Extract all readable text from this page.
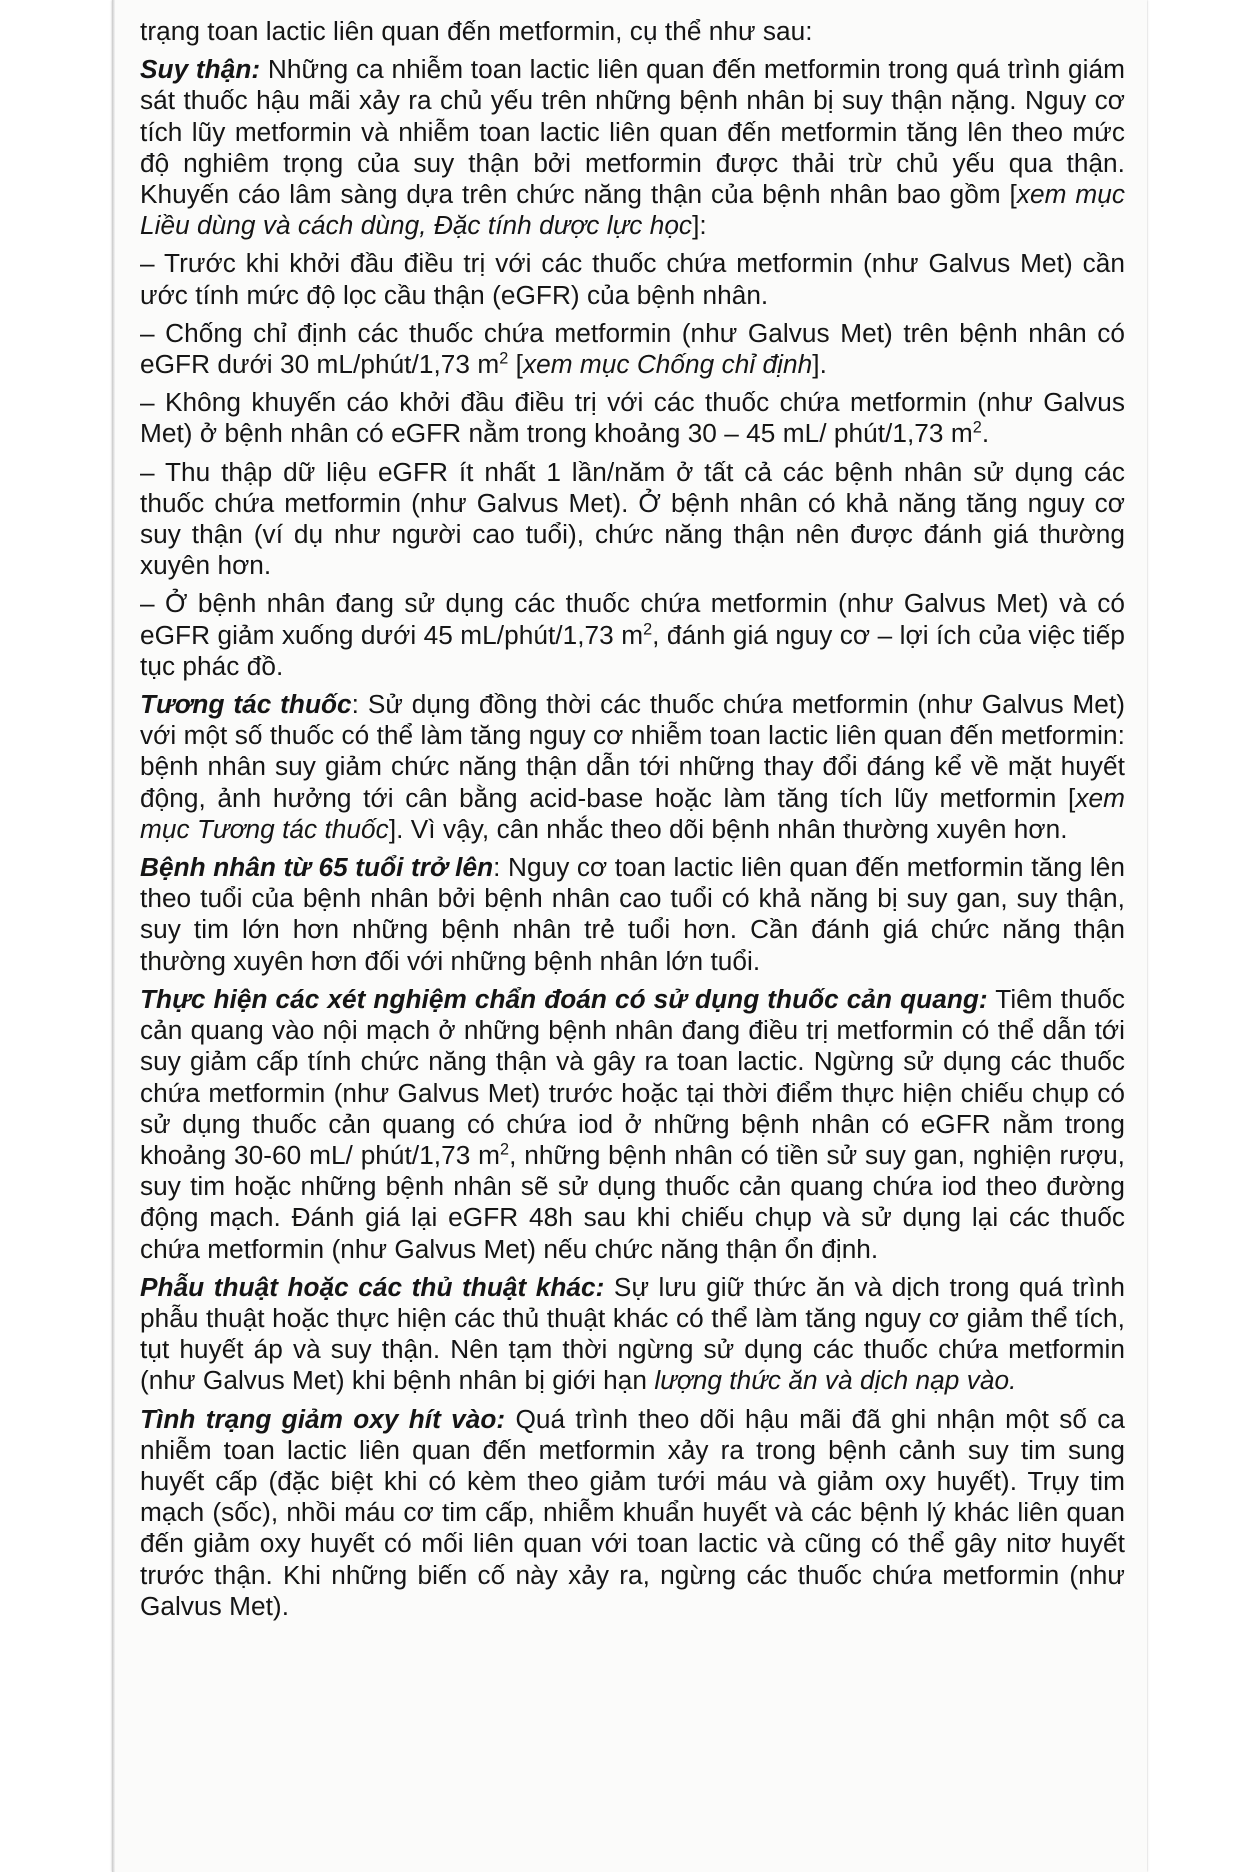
trạng toan lactic liên quan đến metformin, cụ thể như sau:

Suy thận: Những ca nhiễm toan lactic liên quan đến metformin trong quá trình giám sát thuốc hậu mãi xảy ra chủ yếu trên những bệnh nhân bị suy thận nặng. Nguy cơ tích lũy metformin và nhiễm toan lactic liên quan đến metformin tăng lên theo mức độ nghiêm trọng của suy thận bởi metformin được thải trừ chủ yếu qua thận. Khuyến cáo lâm sàng dựa trên chức năng thận của bệnh nhân bao gồm [xem mục Liều dùng và cách dùng, Đặc tính dược lực học]:

– Trước khi khởi đầu điều trị với các thuốc chứa metformin (như Galvus Met) cần ước tính mức độ lọc cầu thận (eGFR) của bệnh nhân.

– Chống chỉ định các thuốc chứa metformin (như Galvus Met) trên bệnh nhân có eGFR dưới 30 mL/phút/1,73 $m^2$ [xem mục Chống chỉ định].

– Không khuyến cáo khởi đầu điều trị với các thuốc chứa metformin (như Galvus Met) ở bệnh nhân có eGFR nằm trong khoảng 30 – 45 mL/ phút/1,73 $m^2$.

– Thu thập dữ liệu eGFR ít nhất 1 lần/năm ở tất cả các bệnh nhân sử dụng các thuốc chứa metformin (như Galvus Met). Ở bệnh nhân có khả năng tăng nguy cơ suy thận (ví dụ như người cao tuổi), chức năng thận nên được đánh giá thường xuyên hơn.

– Ở bệnh nhân đang sử dụng các thuốc chứa metformin (như Galvus Met) và có eGFR giảm xuống dưới 45 mL/phút/1,73 $m^2$, đánh giá nguy cơ – lợi ích của việc tiếp tục phác đồ.

Tương tác thuốc: Sử dụng đồng thời các thuốc chứa metformin (như Galvus Met) với một số thuốc có thể làm tăng nguy cơ nhiễm toan lactic liên quan đến metformin: bệnh nhân suy giảm chức năng thận dẫn tới những thay đổi đáng kể về mặt huyết động, ảnh hưởng tới cân bằng acid-base hoặc làm tăng tích lũy metformin [xem mục Tương tác thuốc]. Vì vậy, cân nhắc theo dõi bệnh nhân thường xuyên hơn.

Bệnh nhân từ 65 tuổi trở lên: Nguy cơ toan lactic liên quan đến metformin tăng lên theo tuổi của bệnh nhân bởi bệnh nhân cao tuổi có khả năng bị suy gan, suy thận, suy tim lớn hơn những bệnh nhân trẻ tuổi hơn. Cần đánh giá chức năng thận thường xuyên hơn đối với những bệnh nhân lớn tuổi.

Thực hiện các xét nghiệm chẩn đoán có sử dụng thuốc cản quang: Tiêm thuốc cản quang vào nội mạch ở những bệnh nhân đang điều trị metformin có thể dẫn tới suy giảm cấp tính chức năng thận và gây ra toan lactic. Ngừng sử dụng các thuốc chứa metformin (như Galvus Met) trước hoặc tại thời điểm thực hiện chiếu chụp có sử dụng thuốc cản quang có chứa iod ở những bệnh nhân có eGFR nằm trong khoảng 30-60 mL/ phút/1,73 $m^2$, những bệnh nhân có tiền sử suy gan, nghiện rượu, suy tim hoặc những bệnh nhân sẽ sử dụng thuốc cản quang chứa iod theo đường động mạch. Đánh giá lại eGFR 48h sau khi chiếu chụp và sử dụng lại các thuốc chứa metformin (như Galvus Met) nếu chức năng thận ổn định.

Phẫu thuật hoặc các thủ thuật khác: Sự lưu giữ thức ăn và dịch trong quá trình phẫu thuật hoặc thực hiện các thủ thuật khác có thể làm tăng nguy cơ giảm thể tích, tụt huyết áp và suy thận. Nên tạm thời ngừng sử dụng các thuốc chứa metformin (như Galvus Met) khi bệnh nhân bị giới hạn lượng thức ăn và dịch nạp vào.

Tình trạng giảm oxy hít vào: Quá trình theo dõi hậu mãi đã ghi nhận một số ca nhiễm toan lactic liên quan đến metformin xảy ra trong bệnh cảnh suy tim sung huyết cấp (đặc biệt khi có kèm theo giảm tưới máu và giảm oxy huyết). Trụy tim mạch (sốc), nhồi máu cơ tim cấp, nhiễm khuẩn huyết và các bệnh lý khác liên quan đến giảm oxy huyết có mối liên quan với toan lactic và cũng có thể gây nitơ huyết trước thận. Khi những biến cố này xảy ra, ngừng các thuốc chứa metformin (như Galvus Met).
